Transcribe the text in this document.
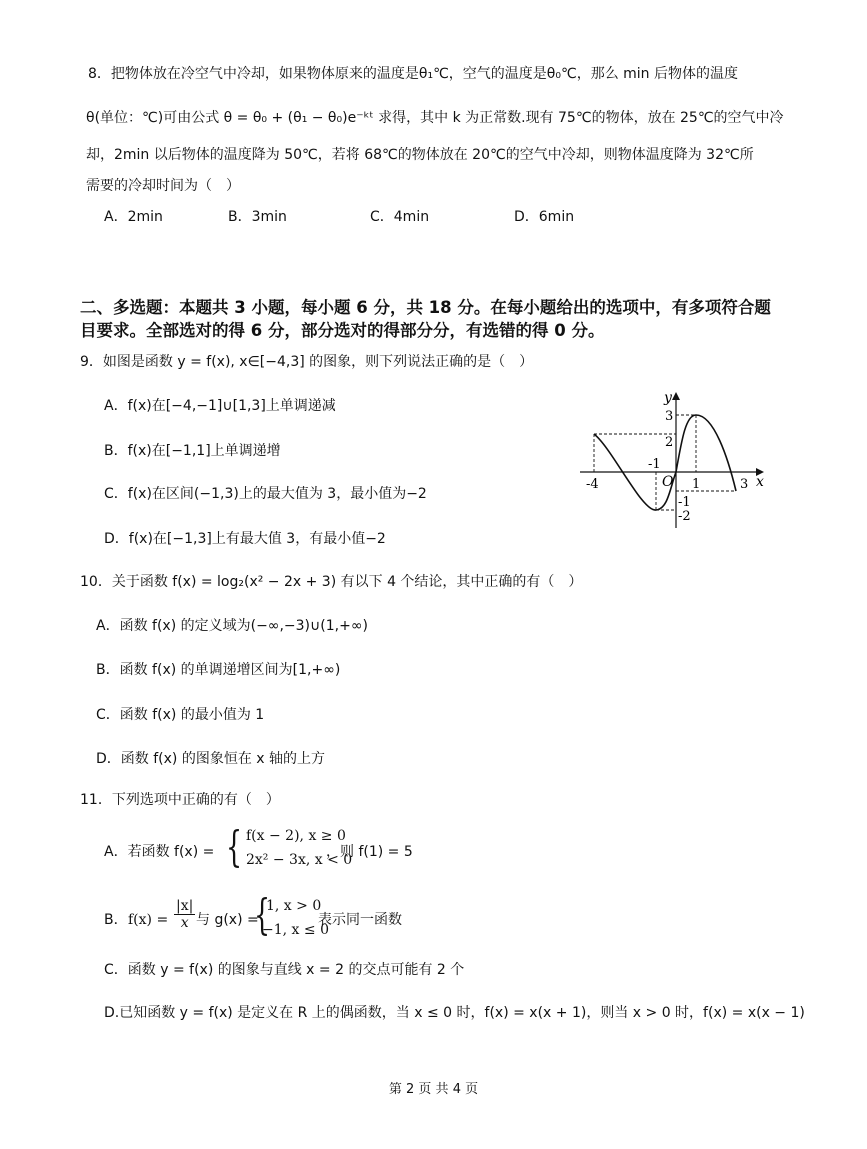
8．把物体放在冷空气中冷却，如果物体原来的温度是θ₁℃，空气的温度是θ₀℃，那么 min 后物体的温度
θ(单位：℃)可由公式 θ = θ₀ + (θ₁ − θ₀)e⁻ᵏᵗ 求得，其中 k 为正常数.现有 75℃的物体，放在 25℃的空气中冷
却，2min 以后物体的温度降为 50℃，若将 68℃的物体放在 20℃的空气中冷却，则物体温度降为 32℃所
需要的冷却时间为（　）
A．2min	B．3min	C．4min	D．6min
二、多选题：本题共 3 小题，每小题 6 分，共 18 分。在每小题给出的选项中，有多项符合题
目要求。全部选对的得 6 分，部分选对的得部分分，有选错的得 0 分。
9．如图是函数 y = f(x), x∈[−4,3] 的图象，则下列说法正确的是（　）
A．f(x)在[−4,−1]∪[1,3]上单调递减
B．f(x)在[−1,1]上单调递增
C．f(x)在区间(−1,3)上的最大值为 3，最小值为−2
D．f(x)在[−1,3]上有最大值 3，有最小值−2
y
x
O
-4
-1
1	3
3
2
-1
-2
10．关于函数 f(x) = log₂(x² − 2x + 3) 有以下 4 个结论，其中正确的有（　）
A．函数 f(x) 的定义域为(−∞,−3)∪(1,+∞)
B．函数 f(x) 的单调递增区间为[1,+∞)
C．函数 f(x) 的最小值为 1
D．函数 f(x) 的图象恒在 x 轴的上方
11．下列选项中正确的有（　）
A．若函数 f(x) = { f(x − 2), x ≥ 0
2x² − 3x, x < 0
，则 f(1) = 5
B． $f(x) = \frac{|x|}{x}$ 与 g(x) =
{
1, x > 0
−1, x ≤ 0
表示同一函数
C．函数 y = f(x) 的图象与直线 x = 2 的交点可能有 2 个
D.已知函数 y = f(x) 是定义在 R 上的偶函数，当 x ≤ 0 时，f(x) = x(x + 1)，则当 x > 0 时，f(x) = x(x − 1)
第 2 页 共 4 页
